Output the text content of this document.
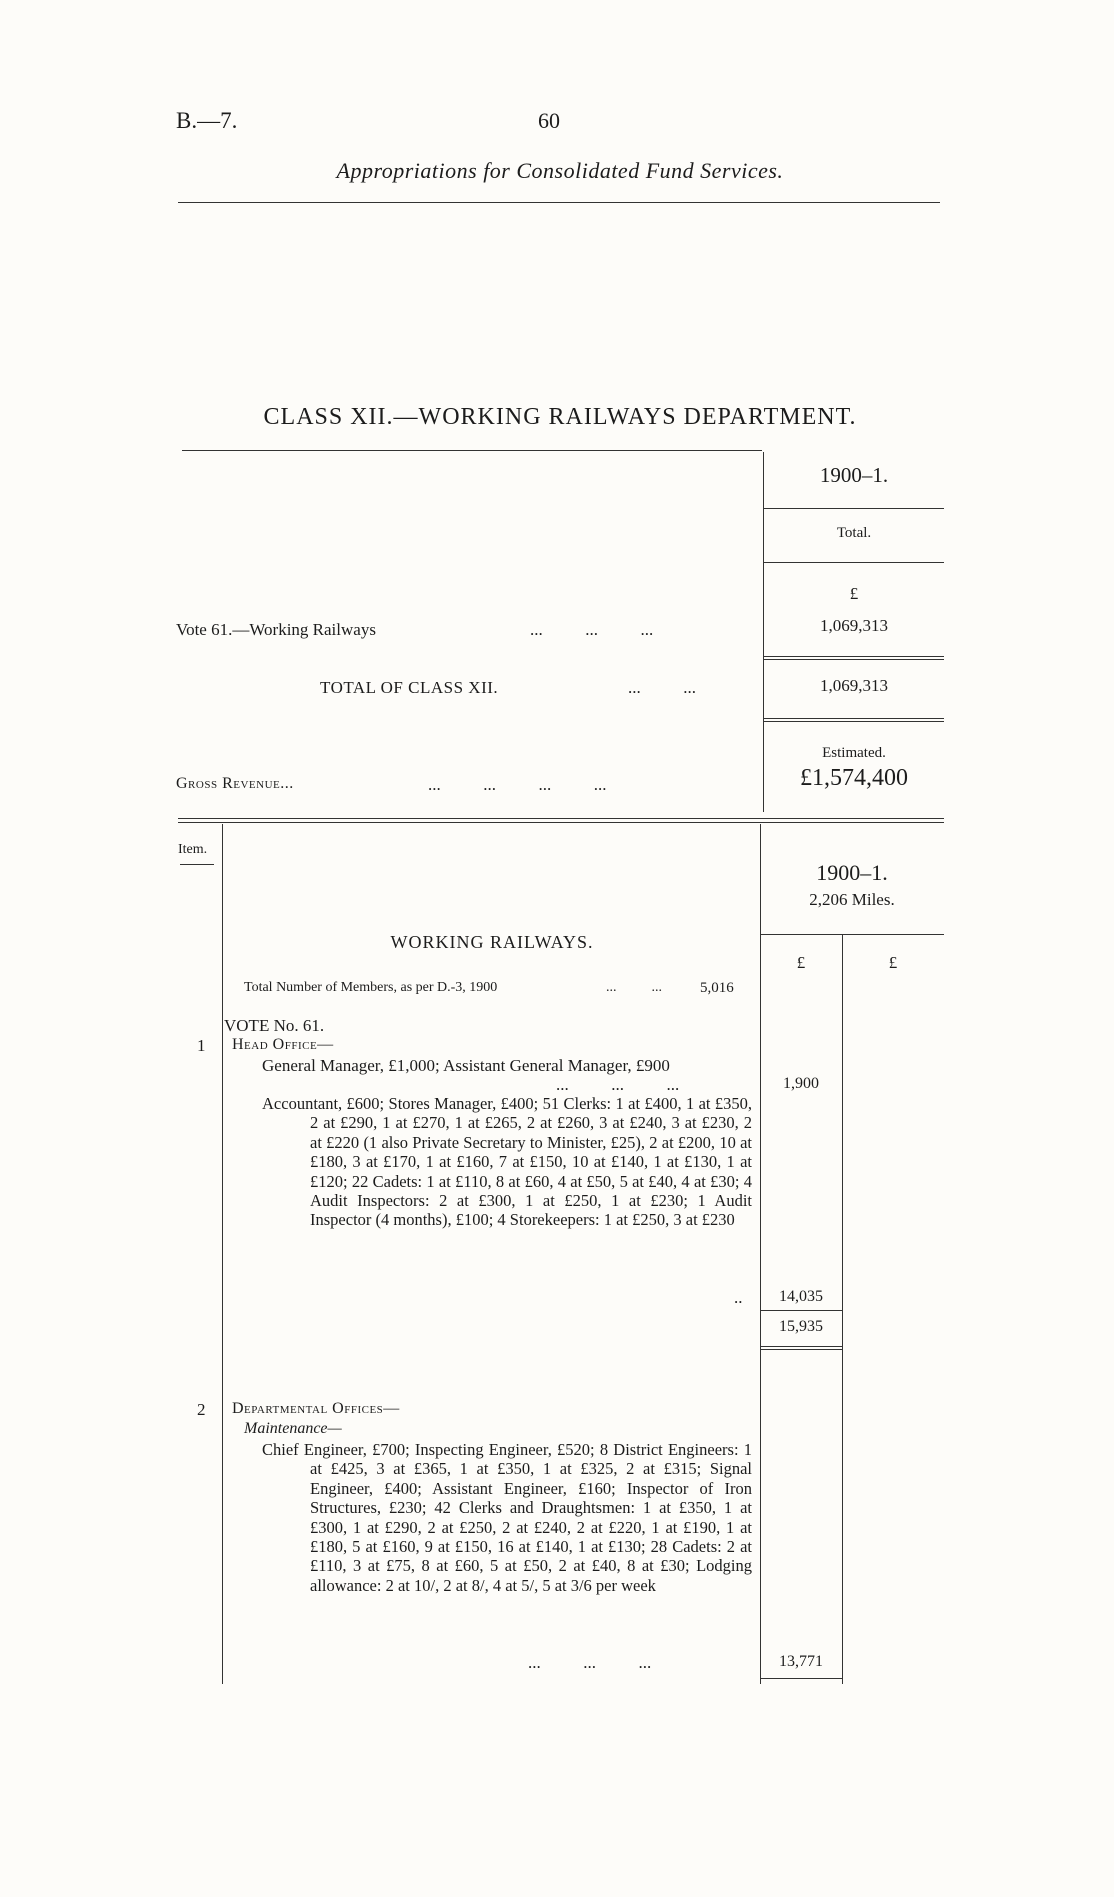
B.—7.	60
Appropriations for Consolidated Fund Services.
CLASS XII.—WORKING RAILWAYS DEPARTMENT.
1900–1.
Total.
£
Vote 61.—Working Railways	...          ...          ...	1,069,313
TOTAL OF CLASS XII.	...          ...	1,069,313
Estimated.
Gross Revenue...	...          ...          ...          ...	£1,574,400
Item.
1900–1.
2,206 Miles.
WORKING RAILWAYS.
£	£
Total Number of Members, as per D.-3, 1900	...          ...	5,016
VOTE No. 61.
1 Head Office—
General Manager, £1,000; Assistant General Manager, £900
...          ...          ...	1,900
Accountant, £600; Stores Manager, £400; 51 Clerks: 1 at £400, 1 at £350, 2 at £290, 1 at £270, 1 at £265, 2 at £260, 3 at £240, 3 at £230, 2 at £220 (1 also Private Secretary to Minister, £25), 2 at £200, 10 at £180, 3 at £170, 1 at £160, 7 at £150, 10 at £140, 1 at £130, 1 at £120; 22 Cadets: 1 at £110, 8 at £60, 4 at £50, 5 at £40, 4 at £30; 4 Audit Inspectors: 2 at £300, 1 at £250, 1 at £230; 1 Audit Inspector (4 months), £100; 4 Storekeepers: 1 at £250, 3 at £230
..	14,035
15,935
2 Departmental Offices—
Maintenance—
Chief Engineer, £700; Inspecting Engineer, £520; 8 District Engineers: 1 at £425, 3 at £365, 1 at £350, 1 at £325, 2 at £315; Signal Engineer, £400; Assistant Engineer, £160; Inspector of Iron Structures, £230; 42 Clerks and Draughtsmen: 1 at £350, 1 at £300, 1 at £290, 2 at £250, 2 at £240, 2 at £220, 1 at £190, 1 at £180, 5 at £160, 9 at £150, 16 at £140, 1 at £130; 28 Cadets: 2 at £110, 3 at £75, 8 at £60, 5 at £50, 2 at £40, 8 at £30; Lodging allowance: 2 at 10/, 2 at 8/, 4 at 5/, 5 at 3/6 per week
...          ...          ...	13,771
